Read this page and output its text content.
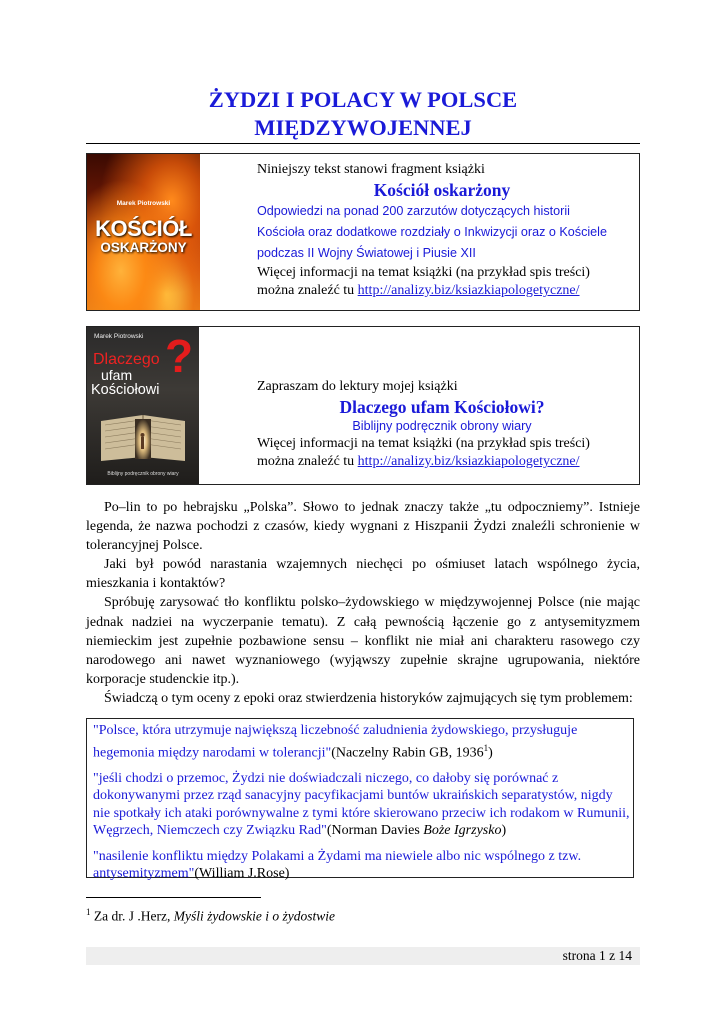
ŻYDZI I POLACY W POLSCE
MIĘDZYWOJENNEJ
Marek Piotrowski
KOŚCIÓŁ
OSKARŻONY
Niniejszy tekst stanowi fragment książki
Kościół oskarżony
Odpowiedzi na ponad 200 zarzutów dotyczących historii
Kościoła oraz dodatkowe rozdziały o Inkwizycji oraz o Kościele
podczas II Wojny Światowej i Piusie XII
Więcej informacji na temat książki (na przykład spis treści)
można znaleźć tu http://analizy.biz/ksiazkiapologetyczne/
Marek Piotrowski
Dlaczego
ufam
Kościołowi
?
Biblijny podręcznik obrony wiary
Zapraszam do lektury mojej książki
Dlaczego ufam Kościołowi?
Biblijny podręcznik obrony wiary
Więcej informacji na temat książki (na przykład spis treści)
można znaleźć tu http://analizy.biz/ksiazkiapologetyczne/

Po–lin to po hebrajsku „Polska”. Słowo to jednak znaczy także „tu odpoczniemy”. Istnieje legenda, że nazwa pochodzi z czasów, kiedy wygnani z Hiszpanii Żydzi znaleźli schronienie w tolerancyjnej Polsce.

Jaki był powód narastania wzajemnych niechęci po ośmiuset latach wspólnego życia, mieszkania i kontaktów?

Spróbuję zarysować tło konfliktu polsko–żydowskiego w międzywojennej Polsce (nie mając jednak nadziei na wyczerpanie tematu). Z całą pewnością łączenie go z antysemityzmem niemieckim jest zupełnie pozbawione sensu – konflikt nie miał ani charakteru rasowego czy narodowego ani nawet wyznaniowego (wyjąwszy zupełnie skrajne ugrupowania, niektóre korporacje studenckie itp.).

Świadczą o tym oceny z epoki oraz stwierdzenia historyków zajmujących się tym problemem:

"Polsce, która utrzymuje największą liczebność zaludnienia żydowskiego, przysługuje hegemonia między narodami w tolerancji"(Naczelny Rabin GB, 1936$^1$)

"jeśli chodzi o przemoc, Żydzi nie doświadczali niczego, co dałoby się porównać z dokonywanymi przez rząd sanacyjny pacyfikacjami buntów ukraińskich separatystów, nigdy nie spotkały ich ataki porównywalne z tymi które skierowano przeciw ich rodakom w Rumunii, Węgrzech, Niemczech czy Związku Rad"(Norman Davies Boże Igrzysko)

"nasilenie konfliktu między Polakami a Żydami ma niewiele albo nic wspólnego z tzw. antysemityzmem"(William J.Rose)

$^1$ Za dr. J .Herz, Myśli żydowskie i o żydostwie
strona 1 z 14
